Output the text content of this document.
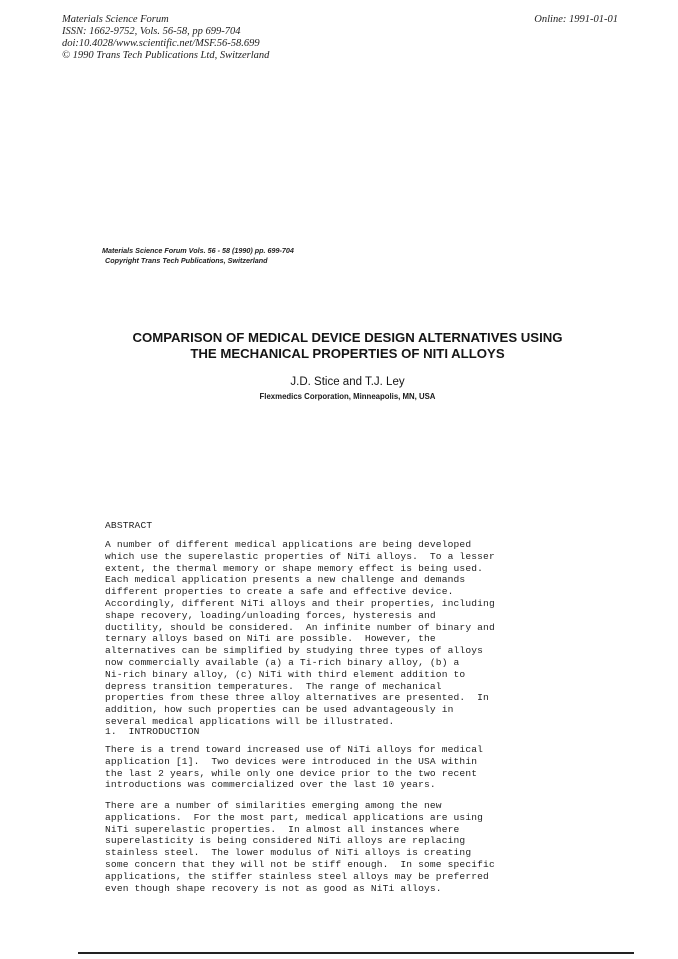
Materials Science Forum
ISSN: 1662-9752, Vols. 56-58, pp 699-704
doi:10.4028/www.scientific.net/MSF.56-58.699
© 1990 Trans Tech Publications Ltd, Switzerland
Online: 1991-01-01
Materials Science Forum Vols. 56 - 58 (1990) pp. 699-704
Copyright Trans Tech Publications, Switzerland
COMPARISON OF MEDICAL DEVICE DESIGN ALTERNATIVES USING
THE MECHANICAL PROPERTIES OF NITI ALLOYS
J.D. Stice and T.J. Ley
Flexmedics Corporation, Minneapolis, MN, USA
ABSTRACT
A number of different medical applications are being developed
which use the superelastic properties of NiTi alloys.  To a lesser
extent, the thermal memory or shape memory effect is being used.
Each medical application presents a new challenge and demands
different properties to create a safe and effective device.
Accordingly, different NiTi alloys and their properties, including
shape recovery, loading/unloading forces, hysteresis and
ductility, should be considered.  An infinite number of binary and
ternary alloys based on NiTi are possible.  However, the
alternatives can be simplified by studying three types of alloys
now commercially available (a) a Ti-rich binary alloy, (b) a
Ni-rich binary alloy, (c) NiTi with third element addition to
depress transition temperatures.  The range of mechanical
properties from these three alloy alternatives are presented.  In
addition, how such properties can be used advantageously in
several medical applications will be illustrated.
1.  INTRODUCTION
There is a trend toward increased use of NiTi alloys for medical
application [1].  Two devices were introduced in the USA within
the last 2 years, while only one device prior to the two recent
introductions was commercialized over the last 10 years.
There are a number of similarities emerging among the new
applications.  For the most part, medical applications are using
NiTi superelastic properties.  In almost all instances where
superelasticity is being considered NiTi alloys are replacing
stainless steel.  The lower modulus of NiTi alloys is creating
some concern that they will not be stiff enough.  In some specific
applications, the stiffer stainless steel alloys may be preferred
even though shape recovery is not as good as NiTi alloys.
